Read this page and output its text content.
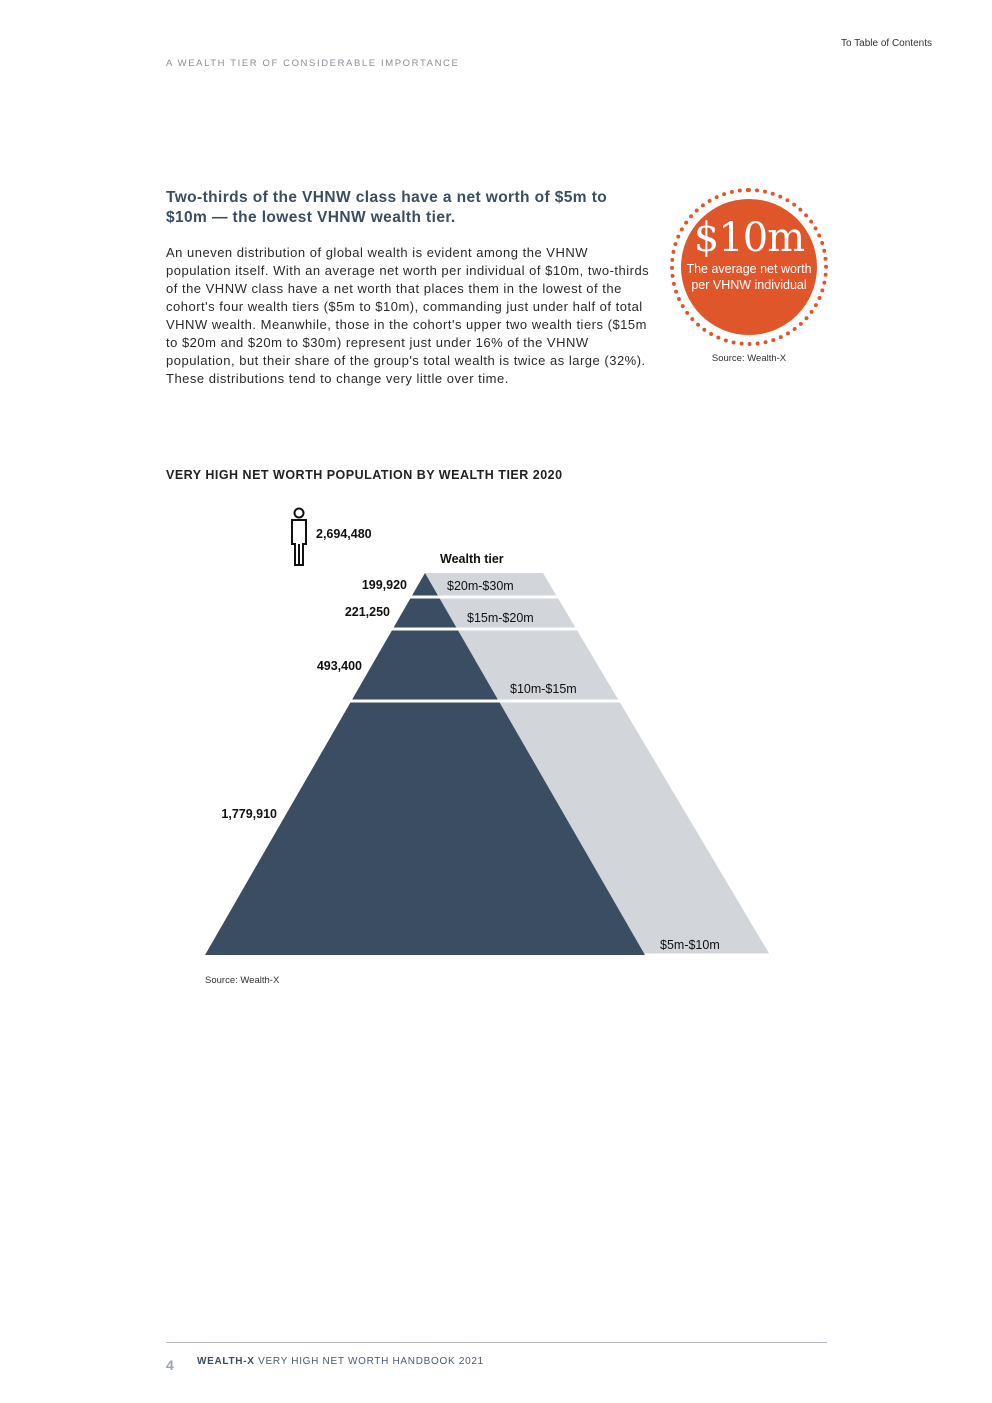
To Table of Contents
A WEALTH TIER OF CONSIDERABLE IMPORTANCE
Two-thirds of the VHNW class have a net worth of $5m to $10m — the lowest VHNW wealth tier.

An uneven distribution of global wealth is evident among the VHNW population itself. With an average net worth per individual of $10m, two-thirds of the VHNW class have a net worth that places them in the lowest of the cohort's four wealth tiers ($5m to $10m), commanding just under half of total VHNW wealth. Meanwhile, those in the cohort's upper two wealth tiers ($15m to $20m and $20m to $30m) represent just under 16% of the VHNW population, but their share of the group's total wealth is twice as large (32%). These distributions tend to change very little over time.

$10m
The average net worth per VHNW individual
Source: Wealth-X
VERY HIGH NET WORTH POPULATION BY WEALTH TIER 2020
2,694,480
Wealth tier
199,920	$20m-$30m
221,250	$15m-$20m
493,400
$10m-$15m
1,779,910
$5m-$10m
Source: Wealth-X
4 WEALTH-X VERY HIGH NET WORTH HANDBOOK 2021
